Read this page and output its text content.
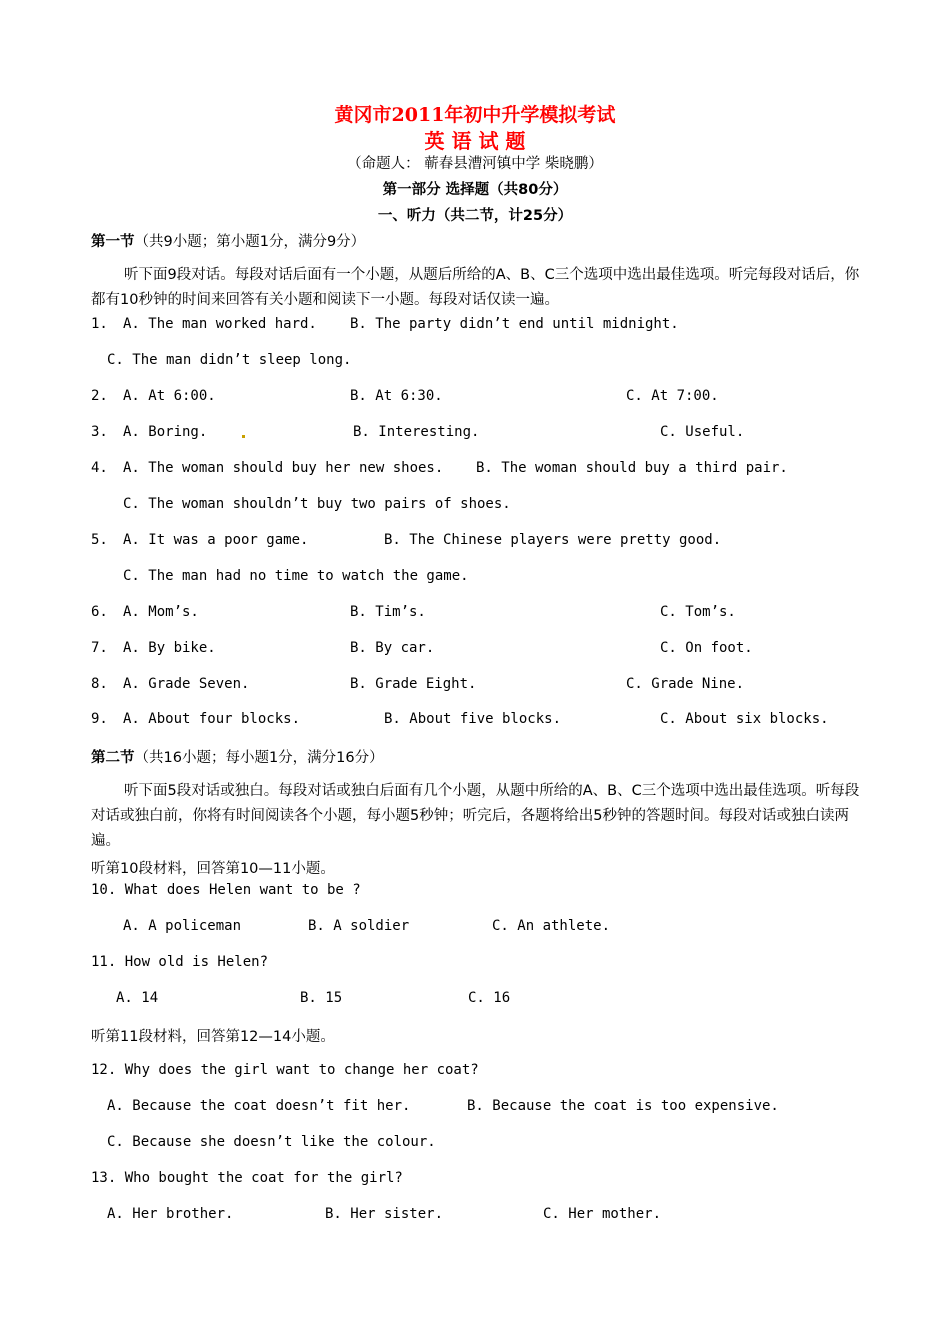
黄冈市2011年初中升学模拟考试
英 语 试 题
（命题人： 蕲春县漕河镇中学 柴晓鹏）
第一部分 选择题（共80分）
一、听力（共二节，计25分）
第一节（共9小题；第小题1分，满分9分）
听下面9段对话。每段对话后面有一个小题，从题后所给的A、B、C三个选项中选出最佳选项。听完每段对话后，你都有10秒钟的时间来回答有关小题和阅读下一小题。每段对话仅读一遍。
1. A. The man worked hard. B. The party didn’t end until midnight.
C. The man didn’t sleep long.
2. A. At 6:00.	B. At 6:30.	C. At 7:00.
3. A. Boring.	B. Interesting.	C. Useful.
4. A. The woman should buy her new shoes. B. The woman should buy a third pair.
C. The woman shouldn’t buy two pairs of shoes.
5. A. It was a poor game.	B. The Chinese players were pretty good.
C. The man had no time to watch the game.
6. A. Mom’s.	B. Tim’s.	C. Tom’s.
7. A. By bike.	B. By car.	C. On foot.
8. A. Grade Seven.	B. Grade Eight.	C. Grade Nine.
9. A. About four blocks.	B. About five blocks.	C. About six blocks.
第二节（共16小题；每小题1分，满分16分）
听下面5段对话或独白。每段对话或独白后面有几个小题，从题中所给的A、B、C三个选项中选出最佳选项。听每段对话或独白前，你将有时间阅读各个小题，每小题5秒钟；听完后，各题将给出5秒钟的答题时间。每段对话或独白读两遍。
听第10段材料，回答第10—11小题。
10. What does Helen want to be ?
A. A policeman	B. A soldier	C. An athlete.
11. How old is Helen?
A. 14	B. 15	C. 16
听第11段材料，回答第12—14小题。
12. Why does the girl want to change her coat?
A. Because the coat doesn’t fit her.	B. Because the coat is too expensive.
C. Because she doesn’t like the colour.
13. Who bought the coat for the girl?
A. Her brother.	B. Her sister.	C. Her mother.
